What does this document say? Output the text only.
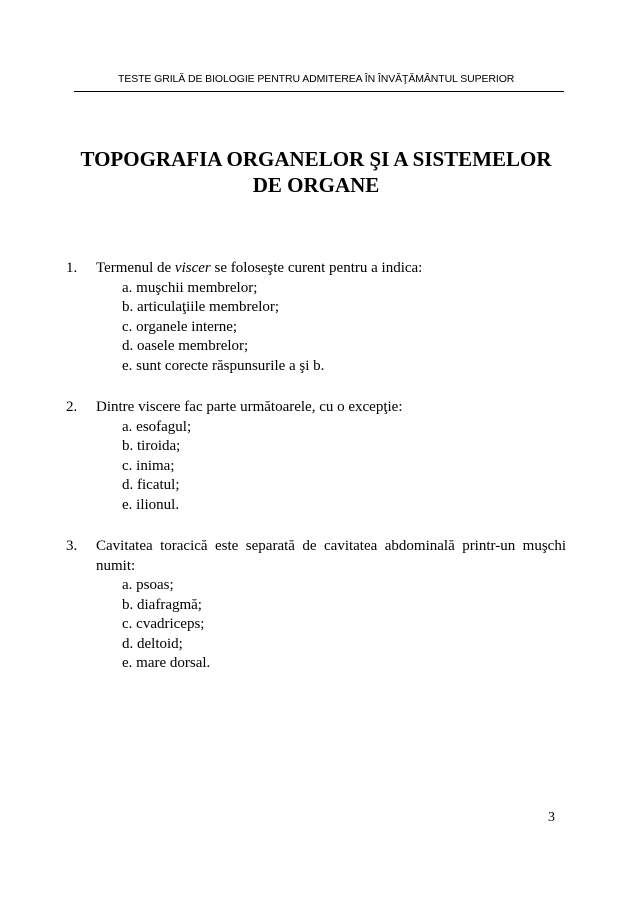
TESTE GRILĂ DE BIOLOGIE PENTRU ADMITEREA ÎN ÎNVĂŢĂMÂNTUL SUPERIOR
TOPOGRAFIA ORGANELOR ŞI A SISTEMELOR
DE ORGANE
1. Termenul de viscer se foloseşte curent pentru a indica:
a. muşchii membrelor;
b. articulaţiile membrelor;
c. organele interne;
d. oasele membrelor;
e. sunt corecte răspunsurile a şi b.
2. Dintre viscere fac parte următoarele, cu o excepţie:
a. esofagul;
b. tiroida;
c. inima;
d. ficatul;
e. ilionul.
3. Cavitatea toracică este separată de cavitatea abdominală printr-un muşchi numit:
a. psoas;
b. diafragmă;
c. cvadriceps;
d. deltoid;
e. mare dorsal.
3
